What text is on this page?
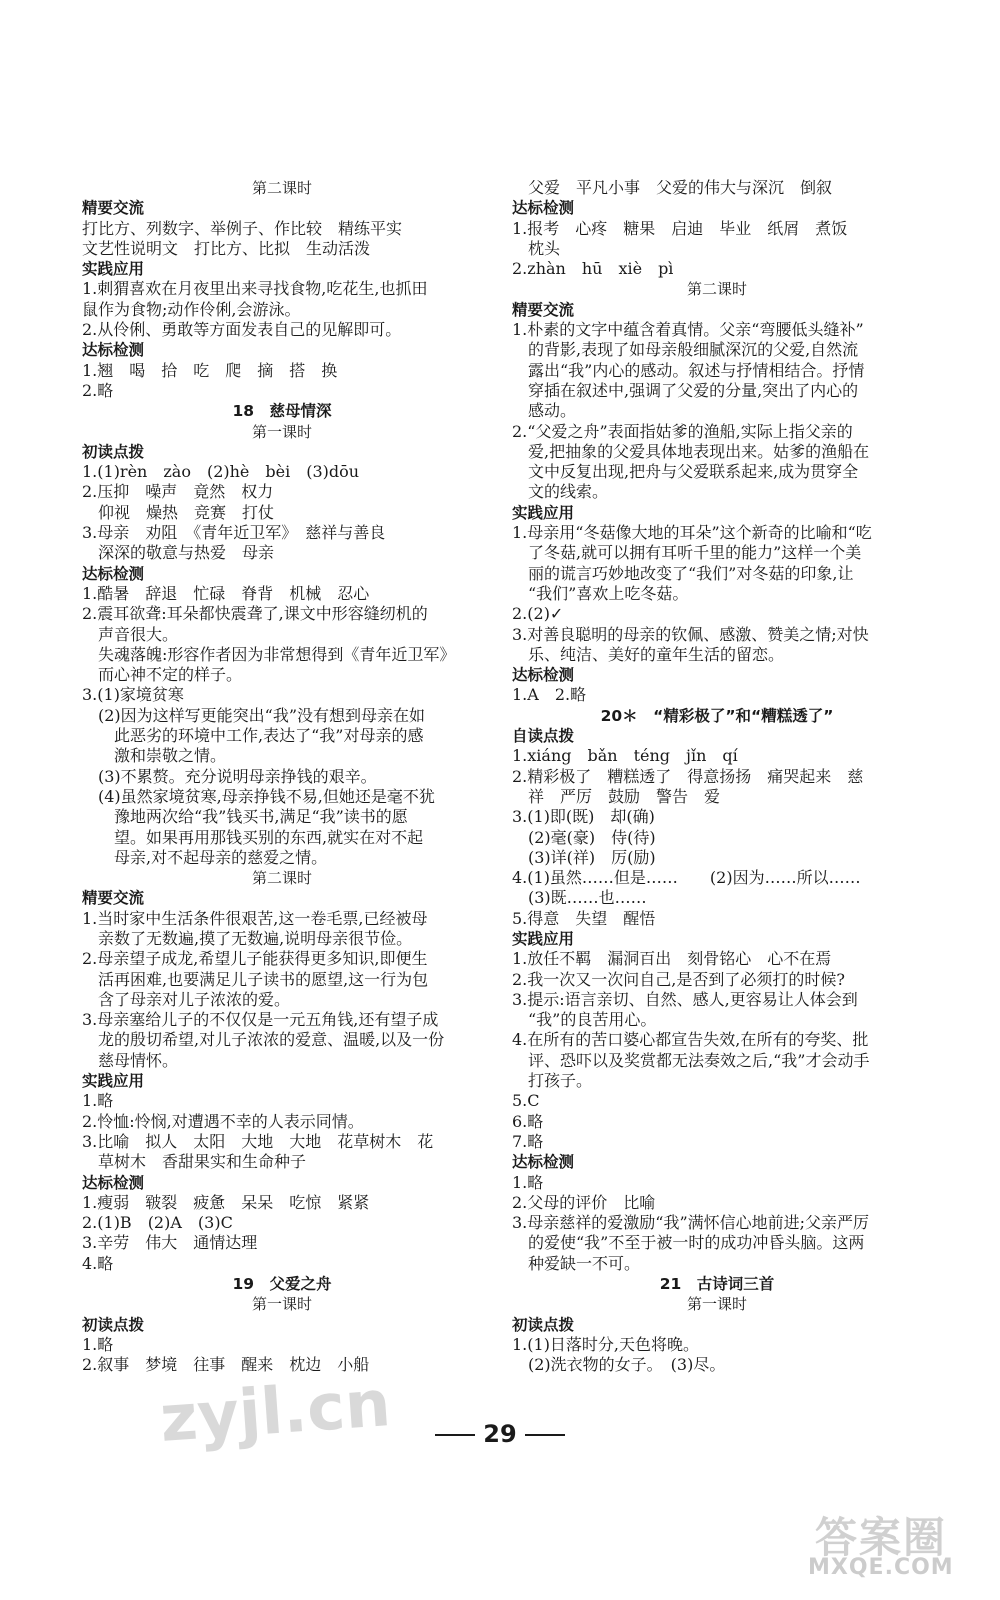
第二课时
精要交流
打比方、列数字、举例子、作比较　精练平实
文艺性说明文　打比方、比拟　生动活泼
实践应用
1.刺猬喜欢在月夜里出来寻找食物,吃花生,也抓田
鼠作为食物;动作伶俐,会游泳。
2.从伶俐、勇敢等方面发表自己的见解即可。
达标检测
1.翘　喝　拾　吃　爬　摘　搭　换
2.略
18　慈母情深
第一课时
初读点拨
1.(1)rèn　zào　(2)hè　bèi　(3)dōu
2.压抑　噪声　竟然　权力
　仰视　燥热　竞赛　打仗
3.母亲　劝阻　《青年近卫军》　慈祥与善良
　深深的敬意与热爱　母亲
达标检测
1.酷暑　辞退　忙碌　脊背　机械　忍心
2.震耳欲聋:耳朵都快震聋了,课文中形容缝纫机的
　声音很大。
　失魂落魄:形容作者因为非常想得到《青年近卫军》
　而心神不定的样子。
3.(1)家境贫寒
　(2)因为这样写更能突出“我”没有想到母亲在如
　　此恶劣的环境中工作,表达了“我”对母亲的感
　　激和崇敬之情。
　(3)不累赘。充分说明母亲挣钱的艰辛。
　(4)虽然家境贫寒,母亲挣钱不易,但她还是毫不犹
　　豫地两次给“我”钱买书,满足“我”读书的愿
　　望。如果再用那钱买别的东西,就实在对不起
　　母亲,对不起母亲的慈爱之情。
第二课时
精要交流
1.当时家中生活条件很艰苦,这一卷毛票,已经被母
　亲数了无数遍,摸了无数遍,说明母亲很节俭。
2.母亲望子成龙,希望儿子能获得更多知识,即便生
　活再困难,也要满足儿子读书的愿望,这一行为包
　含了母亲对儿子浓浓的爱。
3.母亲塞给儿子的不仅仅是一元五角钱,还有望子成
　龙的殷切希望,对儿子浓浓的爱意、温暖,以及一份
　慈母情怀。
实践应用
1.略
2.怜恤:怜悯,对遭遇不幸的人表示同情。
3.比喻　拟人　太阳　大地　大地　花草树木　花
　草树木　香甜果实和生命种子
达标检测
1.瘦弱　皲裂　疲惫　呆呆　吃惊　紧紧
2.(1)B　(2)A　(3)C
3.辛劳　伟大　通情达理
4.略
19　父爱之舟
第一课时
初读点拨
1.略
2.叙事　梦境　往事　醒来　枕边　小船
　父爱　平凡小事　父爱的伟大与深沉　倒叙
达标检测
1.报考　心疼　糖果　启迪　毕业　纸屑　煮饭
　枕头
2.zhàn　hū　xiè　pì
第二课时
精要交流
1.朴素的文字中蕴含着真情。父亲“弯腰低头缝补”
　的背影,表现了如母亲般细腻深沉的父爱,自然流
　露出“我”内心的感动。叙述与抒情相结合。抒情
　穿插在叙述中,强调了父爱的分量,突出了内心的
　感动。
2.“父爱之舟”表面指姑爹的渔船,实际上指父亲的
　爱,把抽象的父爱具体地表现出来。姑爹的渔船在
　文中反复出现,把舟与父爱联系起来,成为贯穿全
　文的线索。
实践应用
1.母亲用“冬菇像大地的耳朵”这个新奇的比喻和“吃
　了冬菇,就可以拥有耳听千里的能力”这样一个美
　丽的谎言巧妙地改变了“我们”对冬菇的印象,让
　“我们”喜欢上吃冬菇。
2.(2)✓
3.对善良聪明的母亲的钦佩、感激、赞美之情;对快
　乐、纯洁、美好的童年生活的留恋。
达标检测
1.A　2.略
20＊　“精彩极了”和“糟糕透了”
自读点拨
1.xiáng　bǎn　téng　jǐn　qí
2.精彩极了　糟糕透了　得意扬扬　痛哭起来　慈
　祥　严厉　鼓励　警告　爱
3.(1)即(既)　却(确)
　(2)毫(豪)　侍(待)
　(3)详(祥)　厉(励)
4.(1)虽然……但是……　　(2)因为……所以……
　(3)既……也……
5.得意　失望　醒悟
实践应用
1.放任不羁　漏洞百出　刻骨铭心　心不在焉
2.我一次又一次问自己,是否到了必须打的时候?
3.提示:语言亲切、自然、感人,更容易让人体会到
　“我”的良苦用心。
4.在所有的苦口婆心都宣告失效,在所有的夸奖、批
　评、恐吓以及奖赏都无法奏效之后,“我”才会动手
　打孩子。
5.C
6.略
7.略
达标检测
1.略
2.父母的评价　比喻
3.母亲慈祥的爱激励“我”满怀信心地前进;父亲严厉
　的爱使“我”不至于被一时的成功冲昏头脑。这两
　种爱缺一不可。
21　古诗词三首
第一课时
初读点拨
1.(1)日落时分,天色将晚。
　(2)洗衣物的女子。　(3)尽。
29
zyjl.cn
答案圈
MXQE.COM
